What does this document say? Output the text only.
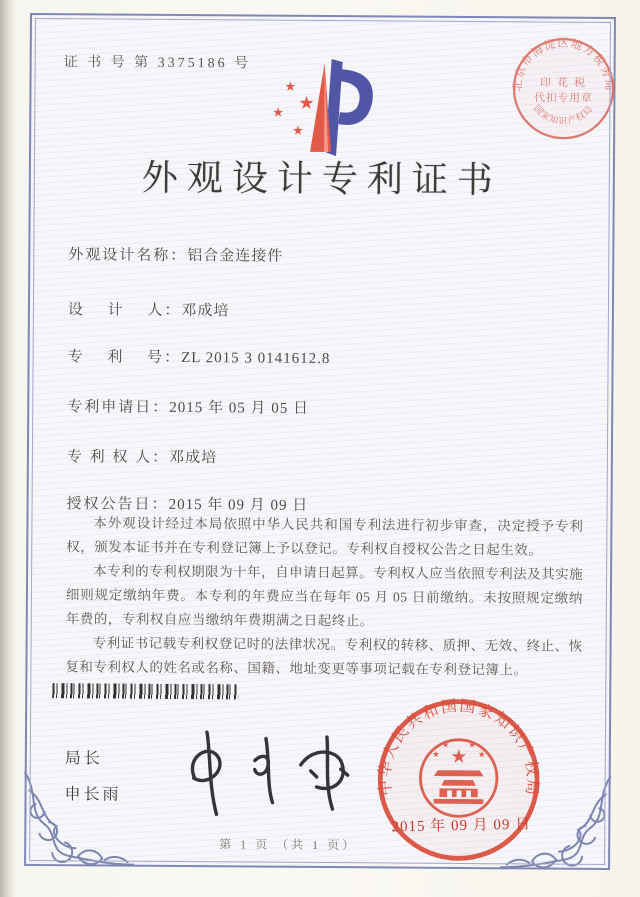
证 书 号 第 3375186 号
★
★
★
★
外观设计专利证书
北京市海淀区地方税务局
国家知识产权局
印 花 税
代扣专用章
外观设计名称：铝合金连接件
设　 计　 人：邓成培
专　 利　 号：ZL 2015 3 0141612.8
专利申请日：2015 年 05 月 05 日
专 利 权 人：邓成培
授权公告日：2015 年 09 月 09 日

本外观设计经过本局依照中华人民共和国专利法进行初步审查，决定授予专利权，颁发本证书并在专利登记簿上予以登记。专利权自授权公告之日起生效。

本专利的专利权期限为十年，自申请日起算。专利权人应当依照专利法及其实施细则规定缴纳年费。本专利的年费应当在每年 05 月 05 日前缴纳。未按照规定缴纳年费的，专利权自应当缴纳年费期满之日起终止。

专利证书记载专利权登记时的法律状况。专利权的转移、质押、无效、终止、恢复和专利权人的姓名或名称、国籍、地址变更等事项记载在专利登记簿上。

局长
申长雨	中华人民共和国国家知识产权局
★
★
★ ★
★
2015 年 09 月 09 日
第 1 页 （共 1 页）
